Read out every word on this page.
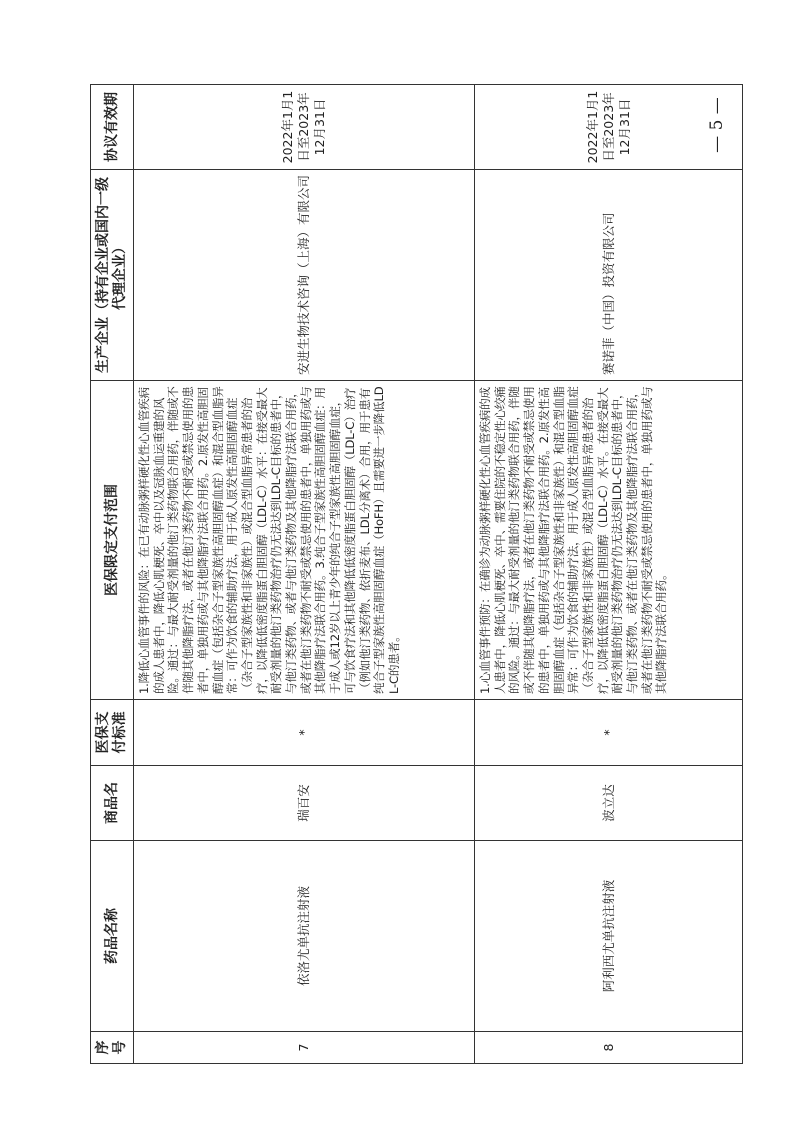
序号	药品名称	商品名	医保支付标准	医保限定支付范围	生产企业（持有企业或国内一级代理企业）	协议有效期
7	依洛尤单抗注射液	瑞百安	*	1.降低心血管事件的风险：在已有动脉粥样硬化性心血管疾病的成人患者中，降低心肌梗死、卒中以及冠脉血运重建的风险。通过：与最大耐受剂量的他汀类药物联合用药，伴随或不伴随其他降脂疗法，或者在他汀类药物不耐受或禁忌使用的患者中，单独用药或与其他降脂疗法联合用药。2.原发性高胆固醇血症（包括杂合子型家族性高胆固醇血症）和混合型血脂异常：可作为饮食的辅助疗法，用于成人原发性高胆固醇血症（杂合子型家族性和非家族性）或混合型血脂异常患者的治疗，以降低低密度脂蛋白胆固醇（LDL-C）水平：在接受最大耐受剂量的他汀类药物治疗仍无法达到LDL-C目标的患者中，与他汀类药物、或者与他汀类药物及其他降脂疗法联合用药，或者在他汀类药物不耐受或禁忌使用的患者中，单独用药或与其他降脂疗法联合用药。3.纯合子型家族性高胆固醇血症：用于成人或12岁以上青少年的纯合子型家族性高胆固醇血症，可与饮食疗法和其他降低低密度脂蛋白胆固醇（LDL-C）治疗（例如他汀类药物、依折麦布、LDL分离术）合用，用于患有纯合子型家族性高胆固醇血症（HoFH）且需要进一步降低LDL-C的患者。	安进生物技术咨询（上海）有限公司	2022年1月1日至2023年12月31日
8	阿利西尤单抗注射液	波立达	*	1.心血管事件预防：在确诊为动脉粥样硬化性心血管疾病的成人患者中，降低心肌梗死、卒中、需要住院的不稳定性心绞痛的风险。通过：与最大耐受剂量的他汀类药物联合用药，伴随或不伴随其他降脂疗法，或者在他汀类药物不耐受或禁忌使用的患者中，单独用药或与其他降脂疗法联合用药。2.原发性高胆固醇血症（包括杂合子型家族性和非家族性）和混合型血脂异常：可作为饮食的辅助疗法，用于成人原发性高胆固醇血症（杂合子型家族性和非家族性）或混合型血脂异常患者的治疗，以降低低密度脂蛋白胆固醇（LDL-C）水平。在接受最大耐受剂量的他汀类药物治疗仍无法达到LDL-C目标的患者中，与他汀类药物、或者在他汀类药物及其他降脂疗法联合用药，或者在他汀类药物不耐受或禁忌使用的患者中，单独用药或与其他降脂疗法联合用药。	赛诺菲（中国）投资有限公司	2022年1月1日至2023年12月31日	— 5 —
